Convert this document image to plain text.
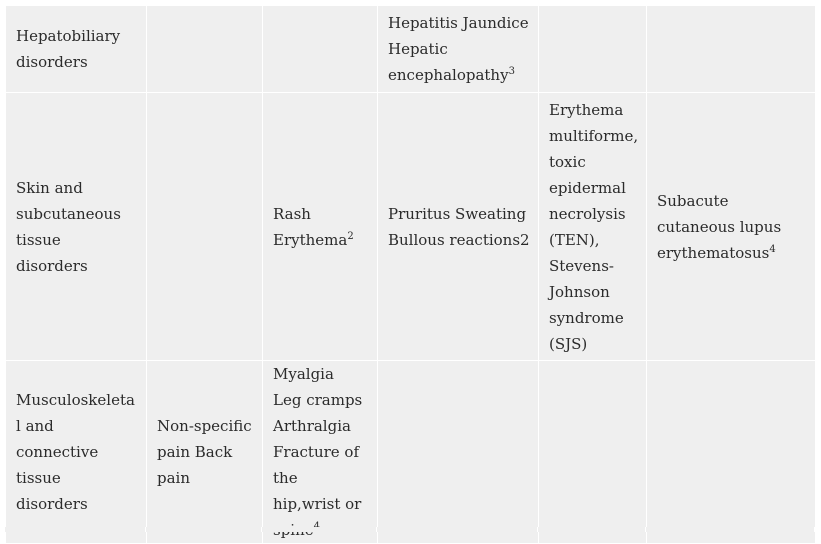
Hepatobiliary disorders			Hepatitis Jaundice Hepatic encephalopathy$^3$		
Skin and subcutaneous tissue disorders		Rash Erythema$^2$	Pruritus Sweating Bullous reactions2	Erythema multiforme, toxic epidermal necrolysis (TEN), Stevens-Johnson syndrome (SJS)	Subacute cutaneous lupus erythematosus$^4$
Musculoskeletal and connective tissue disorders	Non-specific pain Back pain	Myalgia Leg cramps Arthralgia Fracture of the hip,wrist or			
